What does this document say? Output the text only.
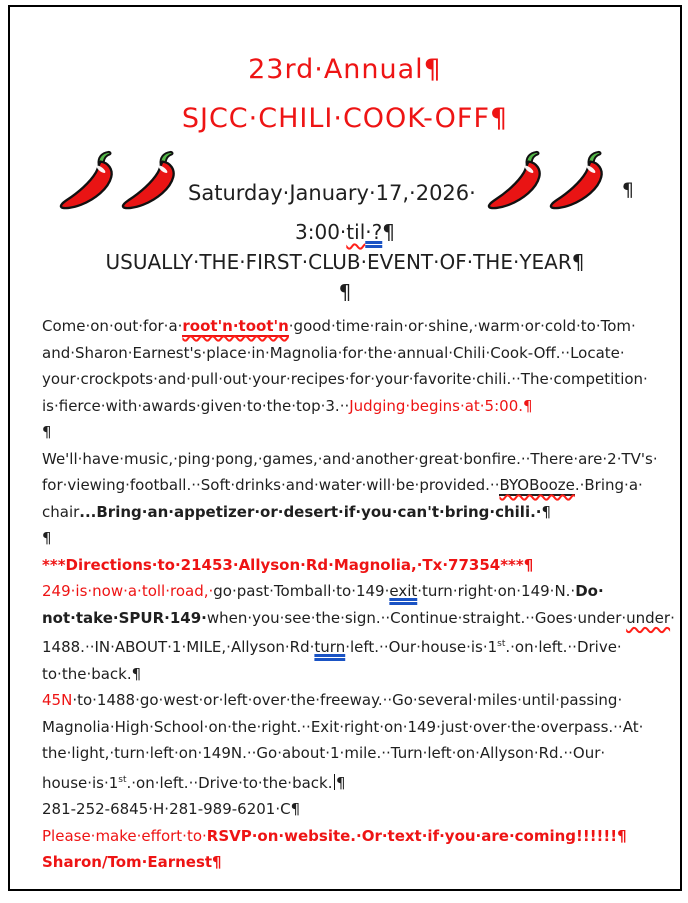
23rd·Annual¶
SJCC·CHILI·COOK-OFF¶
Saturday·January·17,·2026·	¶
3:00·til·?¶
USUALLY·THE·FIRST·CLUB·EVENT·OF·THE·YEAR¶
¶
Come·on·out·for·a·root'n·toot'n·good·time·rain·or·shine,·warm·or·cold·to·Tom·
and·Sharon·Earnest's·place·in·Magnolia·for·the·annual·Chili·Cook-Off.··Locate·
your·crockpots·and·pull·out·your·recipes·for·your·favorite·chili.··The·competition·
is·fierce·with·awards·given·to·the·top·3.··Judging·begins·at·5:00.¶
¶
We'll·have·music,·ping·pong,·games,·and·another·great·bonfire.··There·are·2·TV's·
for·viewing·football.··Soft·drinks·and·water·will·be·provided.··BYOBooze.·Bring·a·
chair...Bring·an·appetizer·or·desert·if·you·can't·bring·chili.·¶
¶
***Directions·to·21453·Allyson·Rd·Magnolia,·Tx·77354***¶
249·is·now·a·toll·road,·go·past·Tomball·to·149·exit·turn·right·on·149·N.·Do·
not·take·SPUR·149·when·you·see·the·sign.··Continue·straight.··Goes·under·under·
1488.··IN·ABOUT·1·MILE,·Allyson·Rd·turn·left.··Our·house·is·1st.·on·left.··Drive·
to·the·back.¶
45N·to·1488·go·west·or·left·over·the·freeway.··Go·several·miles·until·passing·
Magnolia·High·School·on·the·right.··Exit·right·on·149·just·over·the·overpass.··At·
the·light,·turn·left·on·149N.··Go·about·1·mile.··Turn·left·on·Allyson·Rd.··Our·
house·is·1st.·on·left.··Drive·to·the·back. ¶
281-252-6845·H·281-989-6201·C¶
Please·make·effort·to·RSVP·on·website.·Or·text·if·you·are·coming!!!!!!¶
Sharon/Tom·Earnest¶
